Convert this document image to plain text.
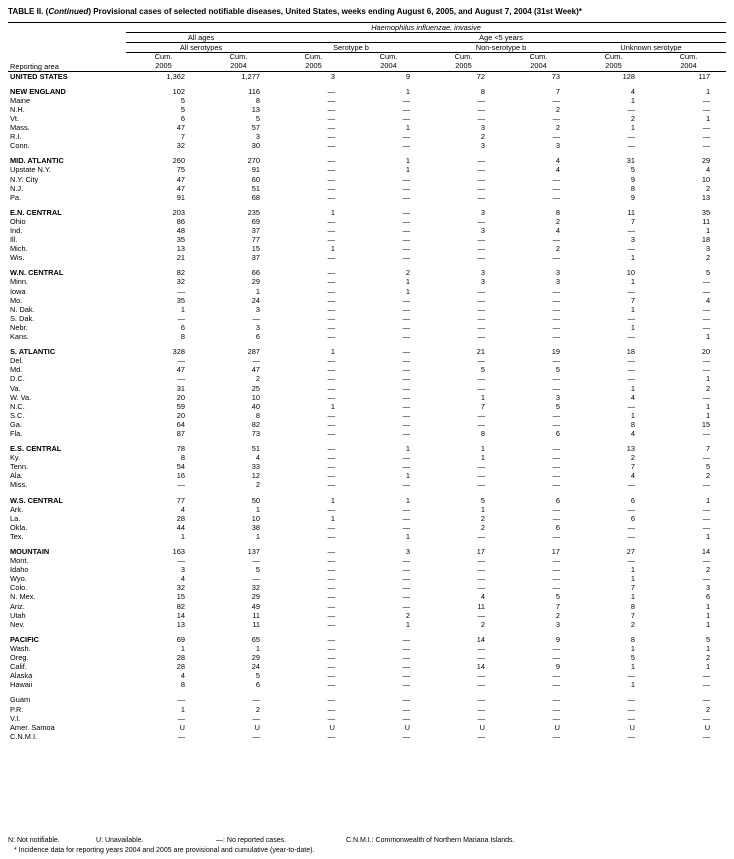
TABLE II. (Continued) Provisional cases of selected notifiable diseases, United States, weeks ending August 6, 2005, and August 7, 2004 (31st Week)*
	Haemophilus influenzae, invasive							
	All ages		Age <5 years					
	All serotypes		Serotype b		Non-serotype b		Unknown serotype	
	Cum.	Cum.	Cum.	Cum.	Cum.	Cum.	Cum.	Cum.
Reporting area	2005	2004	2005	2004	2005	2004	2005	2004
UNITED STATES	1,362	1,277	3	9	72	73	128	117

NEW ENGLAND	102	116	—	1	8	7	4	1
Maine	5	8	—	—	—	—	1	—
N.H.	5	13	—	—	—	2	—	—
Vt.	6	5	—	—	—	—	2	1
Mass.	47	57	—	1	3	2	1	—
R.I.	7	3	—	—	2	—	—	—
Conn.	32	30	—	—	3	3	—	—

MID. ATLANTIC	260	270	—	1	—	4	31	29
Upstate N.Y.	75	91	—	1	—	4	5	4
N.Y. City	47	60	—	—	—	—	9	10
N.J.	47	51	—	—	—	—	8	2
Pa.	91	68	—	—	—	—	9	13

E.N. CENTRAL	203	235	1	—	3	8	11	35
Ohio	86	69	—	—	—	2	7	11
Ind.	48	37	—	—	3	4	—	1
Ill.	35	77	—	—	—	—	3	18
Mich.	13	15	1	—	—	2	—	3
Wis.	21	37	—	—	—	—	1	2

W.N. CENTRAL	82	66	—	2	3	3	10	5
Minn.	32	29	—	1	3	3	1	—
Iowa	—	1	—	1	—	—	—	—
Mo.	35	24	—	—	—	—	7	4
N. Dak.	1	3	—	—	—	—	1	—
S. Dak.	—	—	—	—	—	—	—	—
Nebr.	6	3	—	—	—	—	1	—
Kans.	8	6	—	—	—	—	—	1

S. ATLANTIC	328	287	1	—	21	19	18	20
Del.	—	—	—	—	—	—	—	—
Md.	47	47	—	—	5	5	—	—
D.C.	—	2	—	—	—	—	—	1
Va.	31	25	—	—	—	—	1	2
W. Va.	20	10	—	—	1	3	4	—
N.C.	59	40	1	—	7	5	—	1
S.C.	20	8	—	—	—	—	1	1
Ga.	64	82	—	—	—	—	8	15
Fla.	87	73	—	—	8	6	4	—

E.S. CENTRAL	78	51	—	1	1	—	13	7
Ky.	8	4	—	—	1	—	2	—
Tenn.	54	33	—	—	—	—	7	5
Ala.	16	12	—	1	—	—	4	2
Miss.	—	2	—	—	—	—	—	—

W.S. CENTRAL	77	50	1	1	5	6	6	1
Ark.	4	1	—	—	1	—	—	—
La.	28	10	1	—	2	—	6	—
Okla.	44	38	—	—	2	6	—	—
Tex.	1	1	—	1	—	—	—	1

MOUNTAIN	163	137	—	3	17	17	27	14
Mont.	—	—	—	—	—	—	—	—
Idaho	3	5	—	—	—	—	1	2
Wyo.	4	—	—	—	—	—	1	—
Colo.	32	32	—	—	—	—	7	3
N. Mex.	15	29	—	—	4	5	1	6
Ariz.	82	49	—	—	11	7	8	1
Utah	14	11	—	2	—	2	7	1
Nev.	13	11	—	1	2	3	2	1

PACIFIC	69	65	—	—	14	9	8	5
Wash.	1	1	—	—	—	—	1	1
Oreg.	28	29	—	—	—	—	5	2
Calif.	28	24	—	—	14	9	1	1
Alaska	4	5	—	—	—	—	—	—
Hawaii	8	6	—	—	—	—	1	—

Guam	—	—	—	—	—	—	—	—
P.R.	1	2	—	—	—	—	—	2
V.I.	—	—	—	—	—	—	—	—
Amer. Samoa	U	U	U	U	U	U	U	U
C.N.M.I.	—	—	—	—	—	—	—	—
N: Not notifiable.	U: Unavailable.	—: No reported cases.	C.N.M.I.: Commonwealth of Northern Mariana Islands.
* Incidence data for reporting years 2004 and 2005 are provisional and cumulative (year-to-date).
